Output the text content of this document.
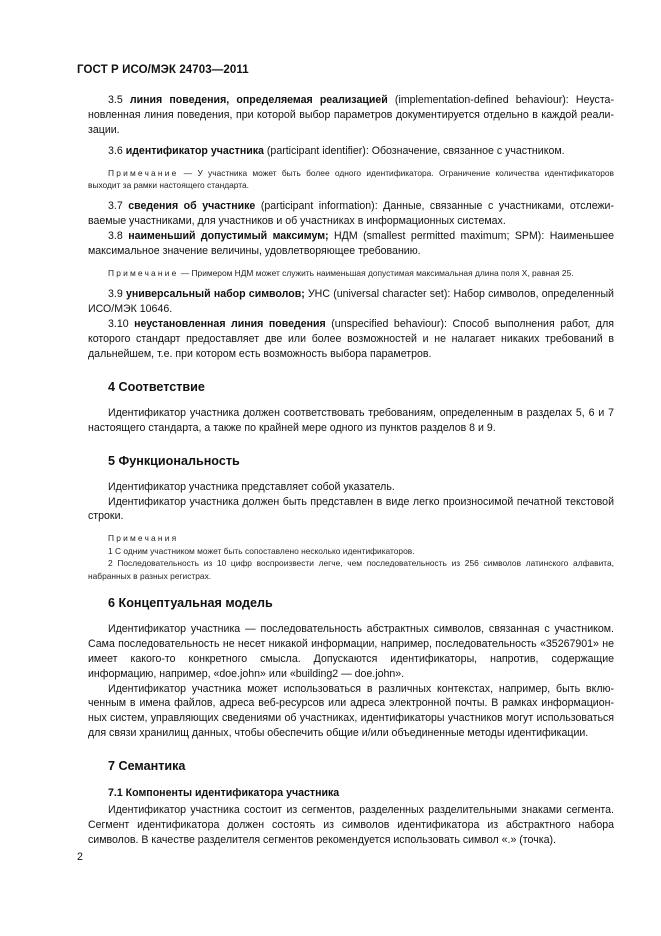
ГОСТ Р ИСО/МЭК 24703—2011

3.5 линия поведения, определяемая реализацией (implementation-defined behaviour): Неустановленная линия поведения, при которой выбор параметров документируется отдельно в каждой реализации.

3.6 идентификатор участника (participant identifier): Обозначение, связанное с участником.

Примечание — У участника может быть более одного идентификатора. Ограничение количества идентификаторов выходит за рамки настоящего стандарта.

3.7 сведения об участнике (participant information): Данные, связанные с участниками, отслеживаемые участниками, для участников и об участниках в информационных системах.

3.8 наименьший допустимый максимум; НДМ (smallest permitted maximum; SPM): Наименьшее максимальное значение величины, удовлетворяющее требованию.

Примечание — Примером НДМ может служить наименьшая допустимая максимальная длина поля X, равная 25.

3.9 универсальный набор символов; УНС (universal character set): Набор символов, определенный ИСО/МЭК 10646.

3.10 неустановленная линия поведения (unspecified behaviour): Способ выполнения работ, для которого стандарт предоставляет две или более возможностей и не налагает никаких требований в дальнейшем, т.е. при котором есть возможность выбора параметров.

4 Соответствие

Идентификатор участника должен соответствовать требованиям, определенным в разделах 5, 6 и 7 настоящего стандарта, а также по крайней мере одного из пунктов разделов 8 и 9.

5 Функциональность

Идентификатор участника представляет собой указатель.

Идентификатор участника должен быть представлен в виде легко произносимой печатной текстовой строки.

Примечания

1 С одним участником может быть сопоставлено несколько идентификаторов.

2 Последовательность из 10 цифр воспроизвести легче, чем последовательность из 256 символов латинского алфавита, набранных в разных регистрах.

6 Концептуальная модель

Идентификатор участника — последовательность абстрактных символов, связанная с участником. Сама последовательность не несет никакой информации, например, последовательность «35267901» не имеет какого-то конкретного смысла. Допускаются идентификаторы, напротив, содержащие информацию, например, «doe.john» или «building2 — doe.john».

Идентификатор участника может использоваться в различных контекстах, например, быть включенным в имена файлов, адреса веб-ресурсов или адреса электронной почты. В рамках информационных систем, управляющих сведениями об участниках, идентификаторы участников могут использоваться для связи хранилищ данных, чтобы обеспечить общие и/или объединенные методы идентификации.

7 Семантика
7.1 Компоненты идентификатора участника

Идентификатор участника состоит из сегментов, разделенных разделительными знаками сегмента. Сегмент идентификатора должен состоять из символов идентификатора из абстрактного набора символов. В качестве разделителя сегментов рекомендуется использовать символ «.» (точка).

2
